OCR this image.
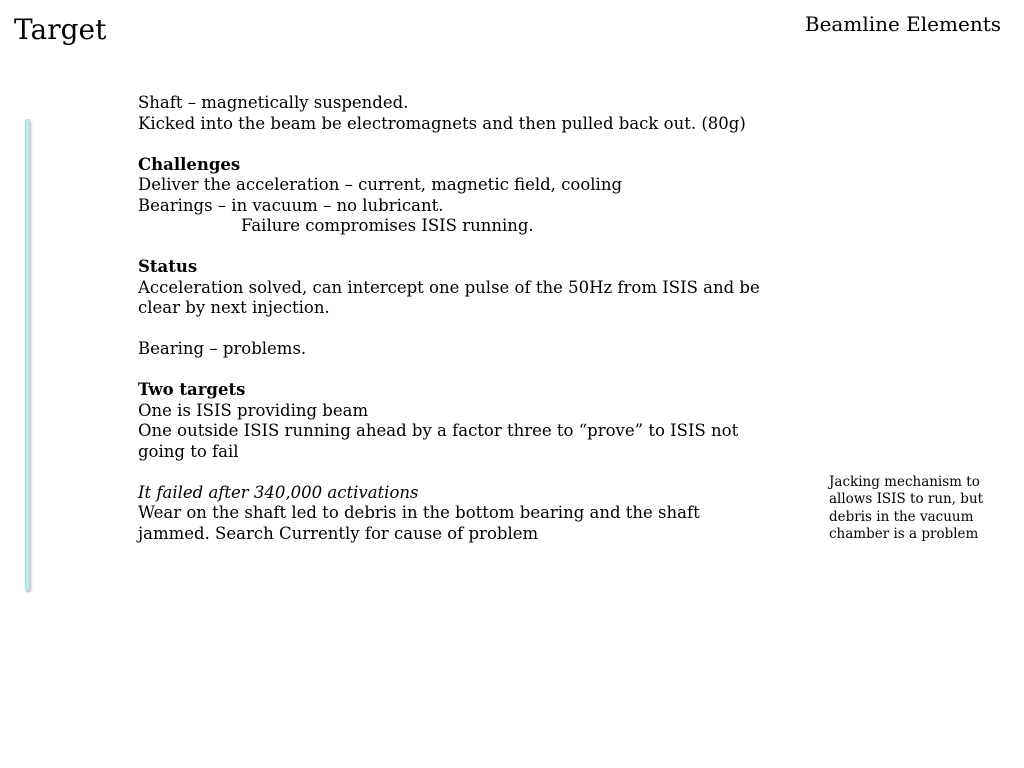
Target	Beamline Elements
Shaft – magnetically suspended.
Kicked into the beam be electromagnets and then pulled back out. (80g)
Challenges
Deliver the acceleration – current, magnetic field, cooling
Bearings – in vacuum – no lubricant.
Failure compromises ISIS running.
Status
Acceleration solved, can intercept one pulse of the 50Hz from ISIS and be
clear by next injection.
Bearing – problems.
Two targets
One is ISIS providing beam
One outside ISIS running ahead by a factor three to “prove” to ISIS not
going to fail
It failed after 340,000 activations
Wear on the shaft led to debris in the bottom bearing and the shaft
jammed. Search Currently for cause of problem
Jacking mechanism to
allows ISIS to run, but
debris in the vacuum
chamber is a problem
